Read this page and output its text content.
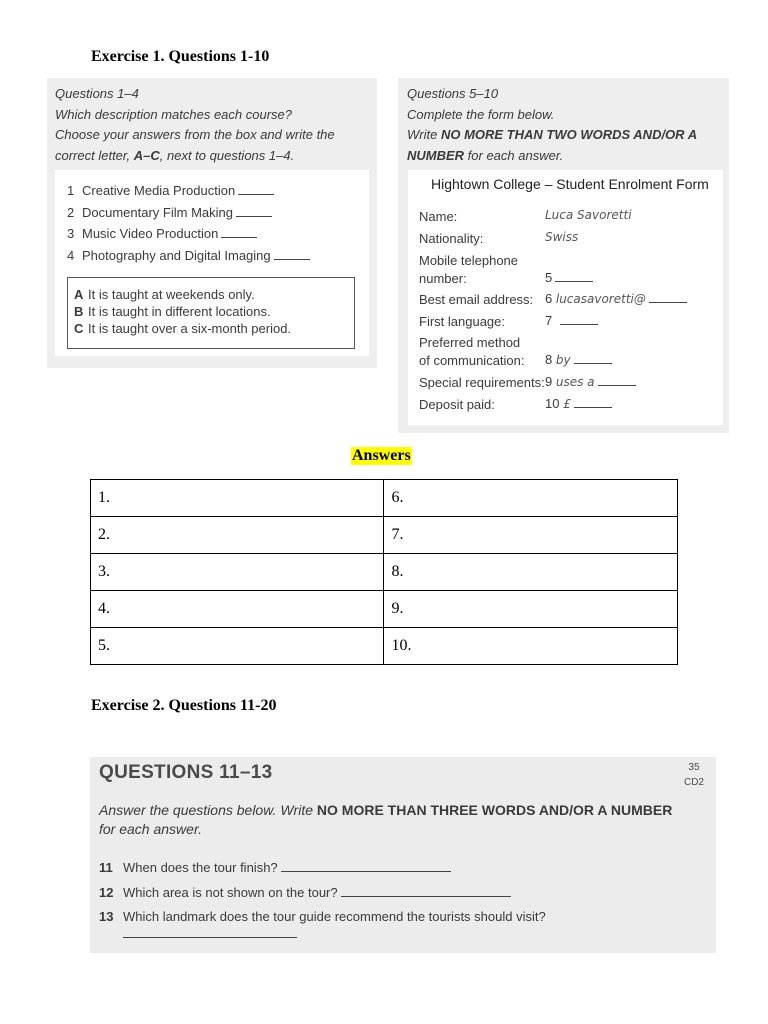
Exercise 1. Questions 1-10
Questions 1–4
Which description matches each course?
Choose your answers from the box and write the
correct letter, A–C, next to questions 1–4.
1 Creative Media Production
2 Documentary Film Making
3 Music Video Production
4 Photography and Digital Imaging
A It is taught at weekends only.
B It is taught in different locations.
C It is taught over a six-month period.
Questions 5–10
Complete the form below.
Write NO MORE THAN TWO WORDS AND/OR A
NUMBER for each answer.
Hightown College – Student Enrolment Form
Name:	Luca Savoretti
Nationality:	Swiss
Mobile telephone
number:	5
Best email address: 6 lucasavoretti@
First language:	7
Preferred method
of communication: 8 by
Special requirements: 9 uses a
Deposit paid:	10 £
Answers
1.	6.
2.	7.
3.	8.
4.	9.
5.	10.
Exercise 2. Questions 11-20
QUESTIONS 11–13	35
CD2
Answer the questions below. Write NO MORE THAN THREE WORDS AND/OR A NUMBER
for each answer.
11 When does the tour finish?
12 Which area is not shown on the tour?
13 Which landmark does the tour guide recommend the tourists should visit?
